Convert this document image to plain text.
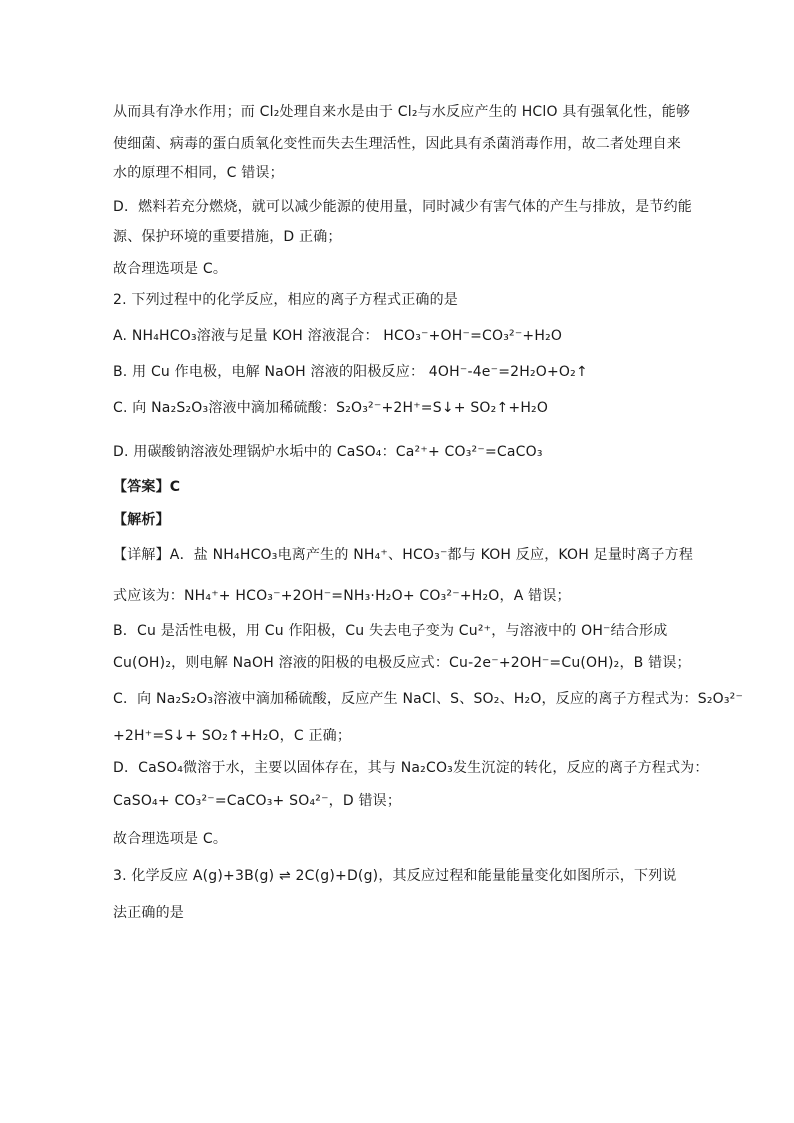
从而具有净水作用；而 Cl₂处理自来水是由于 Cl₂与水反应产生的 HClO 具有强氧化性，能够
使细菌、病毒的蛋白质氧化变性而失去生理活性，因此具有杀菌消毒作用，故二者处理自来
水的原理不相同，C 错误；
D．燃料若充分燃烧，就可以减少能源的使用量，同时减少有害气体的产生与排放，是节约能
源、保护环境的重要措施，D 正确；
故合理选项是 C。
2. 下列过程中的化学反应，相应的离子方程式正确的是
A. NH₄HCO₃溶液与足量 KOH 溶液混合： HCO₃⁻+OH⁻=CO₃²⁻+H₂O
B. 用 Cu 作电极，电解 NaOH 溶液的阳极反应： 4OH⁻-4e⁻=2H₂O+O₂↑
C. 向 Na₂S₂O₃溶液中滴加稀硫酸：S₂O₃²⁻+2H⁺=S↓+ SO₂↑+H₂O
D. 用碳酸钠溶液处理锅炉水垢中的 CaSO₄：Ca²⁺+ CO₃²⁻=CaCO₃
【答案】C
【解析】
【详解】A．盐 NH₄HCO₃电离产生的 NH₄⁺、HCO₃⁻都与 KOH 反应，KOH 足量时离子方程
式应该为：NH₄⁺+ HCO₃⁻+2OH⁻=NH₃·H₂O+ CO₃²⁻+H₂O，A 错误；
B．Cu 是活性电极，用 Cu 作阳极，Cu 失去电子变为 Cu²⁺，与溶液中的 OH⁻结合形成
Cu(OH)₂，则电解 NaOH 溶液的阳极的电极反应式：Cu-2e⁻+2OH⁻=Cu(OH)₂，B 错误；
C．向 Na₂S₂O₃溶液中滴加稀硫酸，反应产生 NaCl、S、SO₂、H₂O，反应的离子方程式为：S₂O₃²⁻
+2H⁺=S↓+ SO₂↑+H₂O，C 正确；
D．CaSO₄微溶于水，主要以固体存在，其与 Na₂CO₃发生沉淀的转化，反应的离子方程式为：
CaSO₄+ CO₃²⁻=CaCO₃+ SO₄²⁻，D 错误；
故合理选项是 C。
3. 化学反应 A(g)+3B(g) ⇌ 2C(g)+D(g)，其反应过程和能量能量变化如图所示，下列说
法正确的是
